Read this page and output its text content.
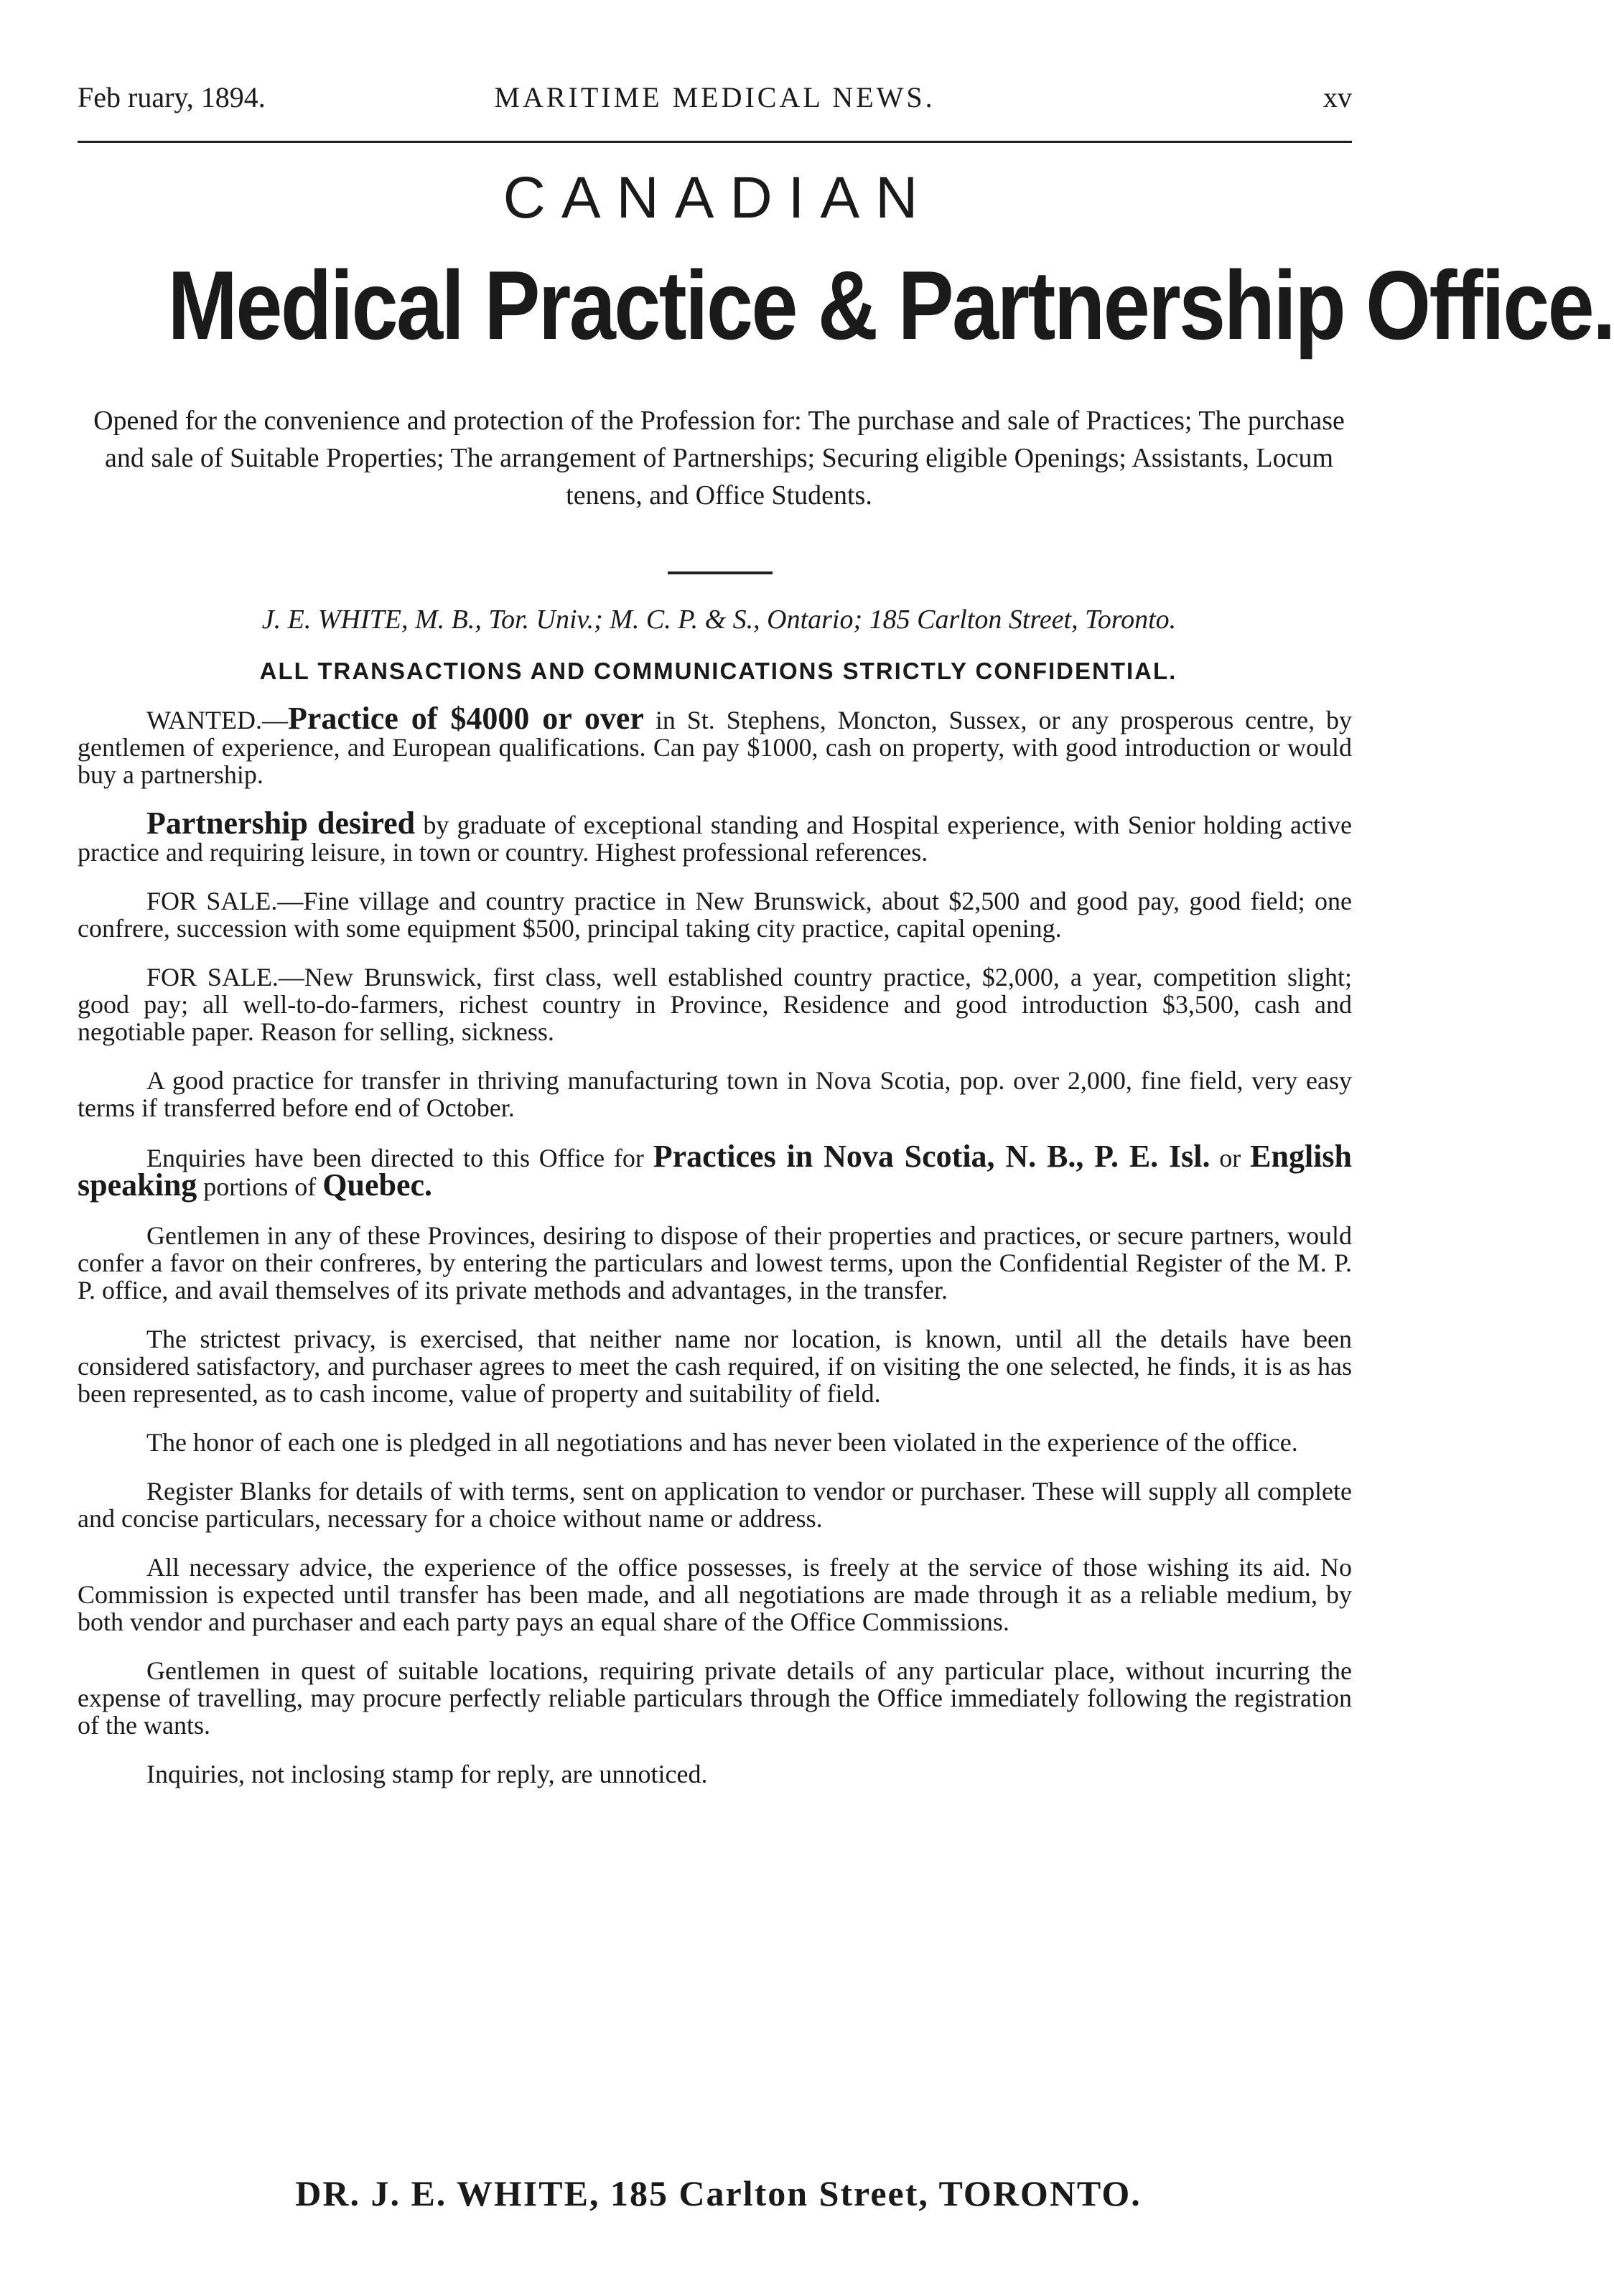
Feb ruary, 1894.	MARITIME MEDICAL NEWS.	xv
CANADIAN
Medical Practice & Partnership Office.
Opened for the convenience and protection of the Profession for: The purchase and sale of Practices; The purchase and sale of Suitable Properties; The arrangement of Partnerships; Securing eligible Openings; Assistants, Locum tenens, and Office Students.
J. E. WHITE, M. B., Tor. Univ.; M. C. P. & S., Ontario; 185 Carlton Street, Toronto.
ALL TRANSACTIONS AND COMMUNICATIONS STRICTLY CONFIDENTIAL.

WANTED.—Practice of $4000 or over in St. Stephens, Moncton, Sussex, or any prosperous centre, by gentlemen of experience, and European qualifications. Can pay $1000, cash on property, with good introduction or would buy a partnership.

Partnership desired by graduate of exceptional standing and Hospital experience, with Senior holding active practice and requiring leisure, in town or country. Highest professional references.

FOR SALE.—Fine village and country practice in New Brunswick, about $2,500 and good pay, good field; one confrere, succession with some equipment $500, principal taking city practice, capital opening.

FOR SALE.—New Brunswick, first class, well established country practice, $2,000, a year, competition slight; good pay; all well-to-do-farmers, richest country in Province, Residence and good introduction $3,500, cash and negotiable paper. Reason for selling, sickness.

A good practice for transfer in thriving manufacturing town in Nova Scotia, pop. over 2,000, fine field, very easy terms if transferred before end of October.

Enquiries have been directed to this Office for Practices in Nova Scotia, N. B., P. E. Isl. or English speaking portions of Quebec.

Gentlemen in any of these Provinces, desiring to dispose of their properties and practices, or secure partners, would confer a favor on their confreres, by entering the particulars and lowest terms, upon the Confidential Register of the M. P. P. office, and avail themselves of its private methods and advantages, in the transfer.

The strictest privacy, is exercised, that neither name nor location, is known, until all the details have been considered satisfactory, and purchaser agrees to meet the cash required, if on visiting the one selected, he finds, it is as has been represented, as to cash income, value of property and suitability of field.

The honor of each one is pledged in all negotiations and has never been violated in the experience of the office.

Register Blanks for details of with terms, sent on application to vendor or purchaser. These will supply all complete and concise particulars, necessary for a choice without name or address.

All necessary advice, the experience of the office possesses, is freely at the service of those wishing its aid. No Commission is expected until transfer has been made, and all negotiations are made through it as a reliable medium, by both vendor and purchaser and each party pays an equal share of the Office Commissions.

Gentlemen in quest of suitable locations, requiring private details of any particular place, without incurring the expense of travelling, may procure perfectly reliable particulars through the Office immediately following the registration of the wants.

Inquiries, not inclosing stamp for reply, are unnoticed.

DR. J. E. WHITE, 185 Carlton Street, TORONTO.
